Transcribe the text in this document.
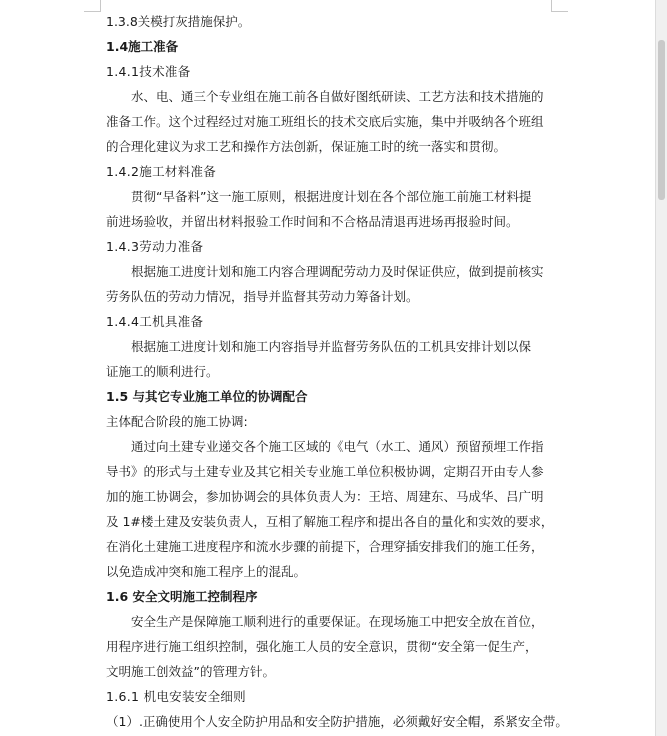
1.3.8关模打灰措施保护。
1.4施工准备
1.4.1技术准备
水、电、通三个专业组在施工前各自做好图纸研读、工艺方法和技术措施的
准备工作。这个过程经过对施工班组长的技术交底后实施，集中并吸纳各个班组
的合理化建议为求工艺和操作方法创新，保证施工时的统一落实和贯彻。
1.4.2施工材料准备
贯彻“早备料”这一施工原则，根据进度计划在各个部位施工前施工材料提
前进场验收，并留出材料报验工作时间和不合格品清退再进场再报验时间。
1.4.3劳动力准备
根据施工进度计划和施工内容合理调配劳动力及时保证供应，做到提前核实
劳务队伍的劳动力情况，指导并监督其劳动力筹备计划。
1.4.4工机具准备
根据施工进度计划和施工内容指导并监督劳务队伍的工机具安排计划以保
证施工的顺利进行。
1.5 与其它专业施工单位的协调配合
主体配合阶段的施工协调:
通过向土建专业递交各个施工区域的《电气（水工、通风）预留预埋工作指
导书》的形式与土建专业及其它相关专业施工单位积极协调，定期召开由专人参
加的施工协调会，参加协调会的具体负责人为：王培、周建东、马成华、吕广明
及 1#楼土建及安装负责人，互相了解施工程序和提出各自的量化和实效的要求，
在消化土建施工进度程序和流水步骤的前提下，合理穿插安排我们的施工任务，
以免造成冲突和施工程序上的混乱。
1.6 安全文明施工控制程序
安全生产是保障施工顺利进行的重要保证。在现场施工中把安全放在首位，
用程序进行施工组织控制，强化施工人员的安全意识，贯彻“安全第一促生产，
文明施工创效益”的管理方针。
1.6.1 机电安装安全细则
（1）.正确使用个人安全防护用品和安全防护措施，必须戴好安全帽，系紧安全带。
